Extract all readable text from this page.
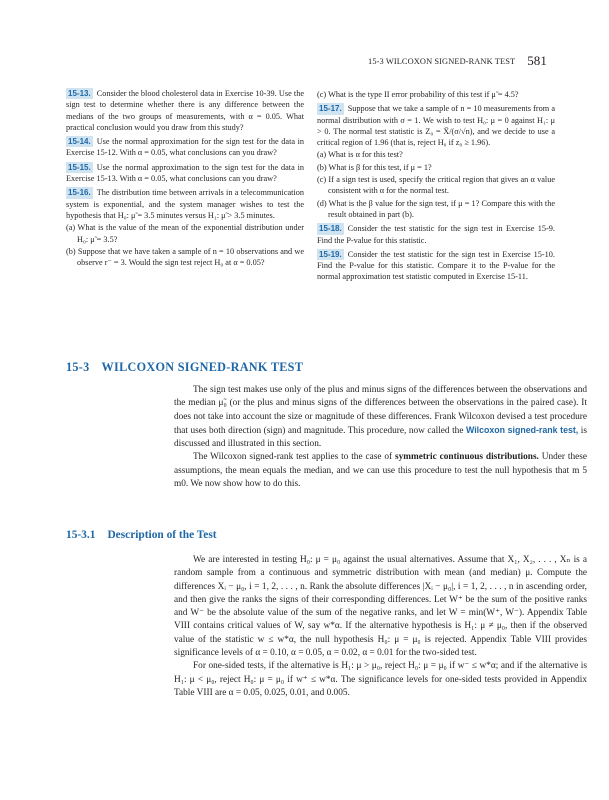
15-3 WILCOXON SIGNED-RANK TEST 581

15-13. Consider the blood cholesterol data in Exercise 10-39. Use the sign test to determine whether there is any difference between the medians of the two groups of measurements, with α = 0.05. What practical conclusion would you draw from this study?

15-14. Use the normal approximation for the sign test for the data in Exercise 15-12. With α = 0.05, what conclusions can you draw?

15-15. Use the normal approximation to the sign test for the data in Exercise 15-13. With α = 0.05, what conclusions can you draw?

15-16. The distribution time between arrivals in a telecommunication system is exponential, and the system manager wishes to test the hypothesis that H₀: μ̃ = 3.5 minutes versus H₁: μ̃ > 3.5 minutes.
(a) What is the value of the mean of the exponential distribution under H₀: μ̃ = 3.5?
(b) Suppose that we have taken a sample of n = 10 observations and we observe r⁻ = 3. Would the sign test reject H₀ at α = 0.05?

(c) What is the type II error probability of this test if μ̃ = 4.5?

15-17. Suppose that we take a sample of n = 10 measurements from a normal distribution with σ = 1. We wish to test H₀: μ = 0 against H₁: μ > 0. The normal test statistic is Z₀ = X̄/(σ/√n), and we decide to use a critical region of 1.96 (that is, reject H₀ if z₀ ≥ 1.96).
(a) What is α for this test?
(b) What is β for this test, if μ = 1?
(c) If a sign test is used, specify the critical region that gives an α value consistent with α for the normal test.
(d) What is the β value for the sign test, if μ = 1? Compare this with the result obtained in part (b).

15-18. Consider the test statistic for the sign test in Exercise 15-9. Find the P-value for this statistic.

15-19. Consider the test statistic for the sign test in Exercise 15-10. Find the P-value for this statistic. Compare it to the P-value for the normal approximation test statistic computed in Exercise 15-11.

15-3 WILCOXON SIGNED-RANK TEST

The sign test makes use only of the plus and minus signs of the differences between the observations and the median μ̃₀ (or the plus and minus signs of the differences between the observations in the paired case). It does not take into account the size or magnitude of these differences. Frank Wilcoxon devised a test procedure that uses both direction (sign) and magnitude. This procedure, now called the Wilcoxon signed-rank test, is discussed and illustrated in this section.

The Wilcoxon signed-rank test applies to the case of symmetric continuous distributions. Under these assumptions, the mean equals the median, and we can use this procedure to test the null hypothesis that m 5 m0. We now show how to do this.

15-3.1 Description of the Test

We are interested in testing H₀: μ = μ₀ against the usual alternatives. Assume that X₁, X₂, . . . , Xₙ is a random sample from a continuous and symmetric distribution with mean (and median) μ. Compute the differences Xᵢ − μ₀, i = 1, 2, . . . , n. Rank the absolute differences |Xᵢ − μ₀|, i = 1, 2, . . . , n in ascending order, and then give the ranks the signs of their corresponding differences. Let W⁺ be the sum of the positive ranks and W⁻ be the absolute value of the sum of the negative ranks, and let W = min(W⁺, W⁻). Appendix Table VIII contains critical values of W, say w*α. If the alternative hypothesis is H₁: μ ≠ μ₀, then if the observed value of the statistic w ≤ w*α, the null hypothesis H₀: μ = μ₀ is rejected. Appendix Table VIII provides significance levels of α = 0.10, α = 0.05, α = 0.02, α = 0.01 for the two-sided test.

For one-sided tests, if the alternative is H₁: μ > μ₀, reject H₀: μ = μ₀ if w⁻ ≤ w*α; and if the alternative is H₁: μ < μ₀, reject H₀: μ = μ₀ if w⁺ ≤ w*α. The significance levels for one-sided tests provided in Appendix Table VIII are α = 0.05, 0.025, 0.01, and 0.005.
